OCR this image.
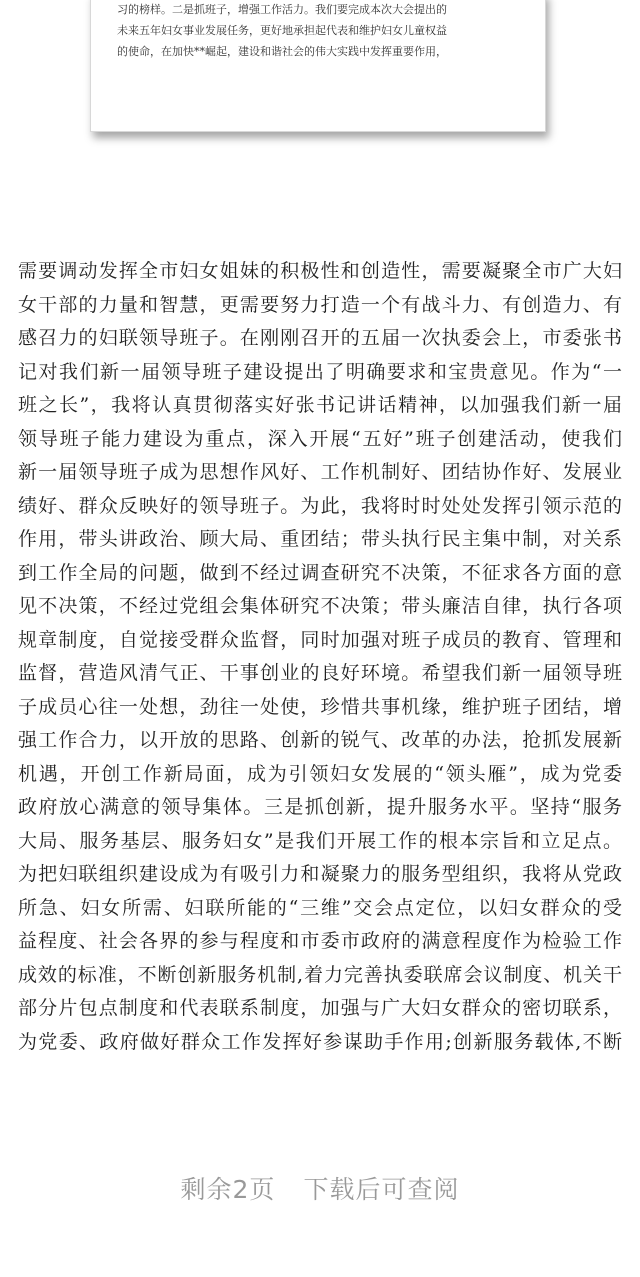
习的榜样。二是抓班子，增强工作活力。我们要完成本次大会提出的
未来五年妇女事业发展任务，更好地承担起代表和维护妇女儿童权益
的使命，在加快**崛起，建设和谐社会的伟大实践中发挥重要作用，
需要调动发挥全市妇女姐妹的积极性和创造性，需要凝聚全市广大妇
女干部的力量和智慧，更需要努力打造一个有战斗力、有创造力、有
感召力的妇联领导班子。在刚刚召开的五届一次执委会上，市委张书
记对我们新一届领导班子建设提出了明确要求和宝贵意见。作为“一
班之长”，我将认真贯彻落实好张书记讲话精神，以加强我们新一届
领导班子能力建设为重点，深入开展“五好”班子创建活动，使我们
新一届领导班子成为思想作风好、工作机制好、团结协作好、发展业
绩好、群众反映好的领导班子。为此，我将时时处处发挥引领示范的
作用，带头讲政治、顾大局、重团结；带头执行民主集中制，对关系
到工作全局的问题，做到不经过调查研究不决策，不征求各方面的意
见不决策，不经过党组会集体研究不决策；带头廉洁自律，执行各项
规章制度，自觉接受群众监督，同时加强对班子成员的教育、管理和
监督，营造风清气正、干事创业的良好环境。希望我们新一届领导班
子成员心往一处想，劲往一处使，珍惜共事机缘，维护班子团结，增
强工作合力，以开放的思路、创新的锐气、改革的办法，抢抓发展新
机遇，开创工作新局面，成为引领妇女发展的“领头雁”，成为党委
政府放心满意的领导集体。三是抓创新，提升服务水平。坚持“服务
大局、服务基层、服务妇女”是我们开展工作的根本宗旨和立足点。
为把妇联组织建设成为有吸引力和凝聚力的服务型组织，我将从党政
所急、妇女所需、妇联所能的“三维”交会点定位，以妇女群众的受
益程度、社会各界的参与程度和市委市政府的满意程度作为检验工作
成效的标准，不断创新服务机制,着力完善执委联席会议制度、机关干
部分片包点制度和代表联系制度，加强与广大妇女群众的密切联系，
为党委、政府做好群众工作发挥好参谋助手作用;创新服务载体,不断
剩余2页 下载后可查阅
